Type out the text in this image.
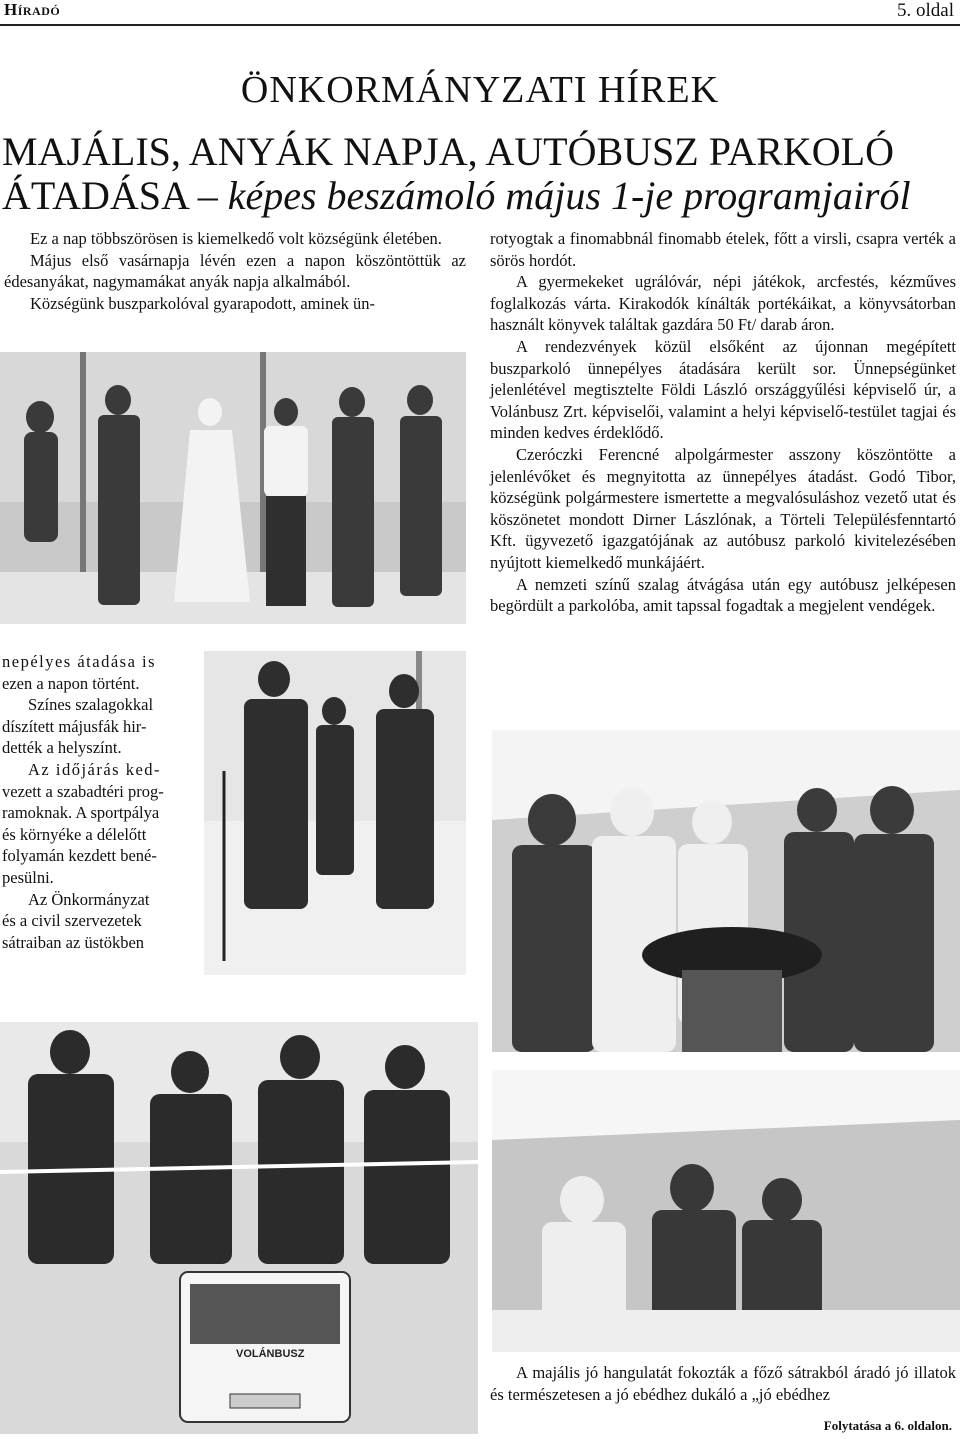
Híradó	5. oldal
ÖNKORMÁNYZATI HÍREK
MAJÁLIS, ANYÁK NAPJA, AUTÓBUSZ PARKOLÓ
ÁTADÁSA – képes beszámoló május 1-je programjairól

Ez a nap többszörösen is kiemelkedő volt községünk életében.

Május első vasárnapja lévén ezen a napon köszöntöttük az édesanyákat, nagymamákat anyák napja alkalmából.

Községünk buszparkolóval gyarapodott, aminek ün-

nepélyes átadása is
ezen a napon történt.
Színes szalagokkal
díszített májusfák hir-
dették a helyszínt.
Az időjárás ked-
vezett a szabadtéri prog-
ramoknak. A sportpálya
és környéke a délelőtt
folyamán kezdett bené-
pesülni.
Az Önkormányzat
és a civil szervezetek
sátraiban az üstökben

rotyogtak a finomabbnál finomabb ételek, főtt a virsli, csapra verték a sörös hordót.

A gyermekeket ugrálóvár, népi játékok, arcfestés, kézműves foglalkozás várta. Kirakodók kínálták portékáikat, a könyvsátorban használt könyvek találtak gazdára 50 Ft/ darab áron.

A rendezvények közül elsőként az újonnan megépített buszparkoló ünnepélyes átadására került sor. Ünnepségünket jelenlétével megtisztelte Földi László országgyűlési képviselő úr, a Volánbusz Zrt. képviselői, valamint a helyi képviselő-testület tagjai és minden kedves érdeklődő.

Czeróczki Ferencné alpolgármester asszony köszöntötte a jelenlévőket és megnyitotta az ünnepélyes átadást. Godó Tibor, községünk polgármestere ismertette a megvalósuláshoz vezető utat és köszönetet mondott Dirner Lászlónak, a Törteli Településfenntartó Kft. ügyvezető igazgatójának az autóbusz parkoló kivitelezésében nyújtott kiemelkedő munkájáért.

A nemzeti színű szalag átvágása után egy autóbusz jelképesen begördült a parkolóba, amit tapssal fogadtak a megjelent vendégek.

VOLÁNBUSZ

A majális jó hangulatát fokozták a főző sátrakból áradó jó illatok és természetesen a jó ebédhez dukáló a „jó ebédhez

Folytatása a 6. oldalon.
